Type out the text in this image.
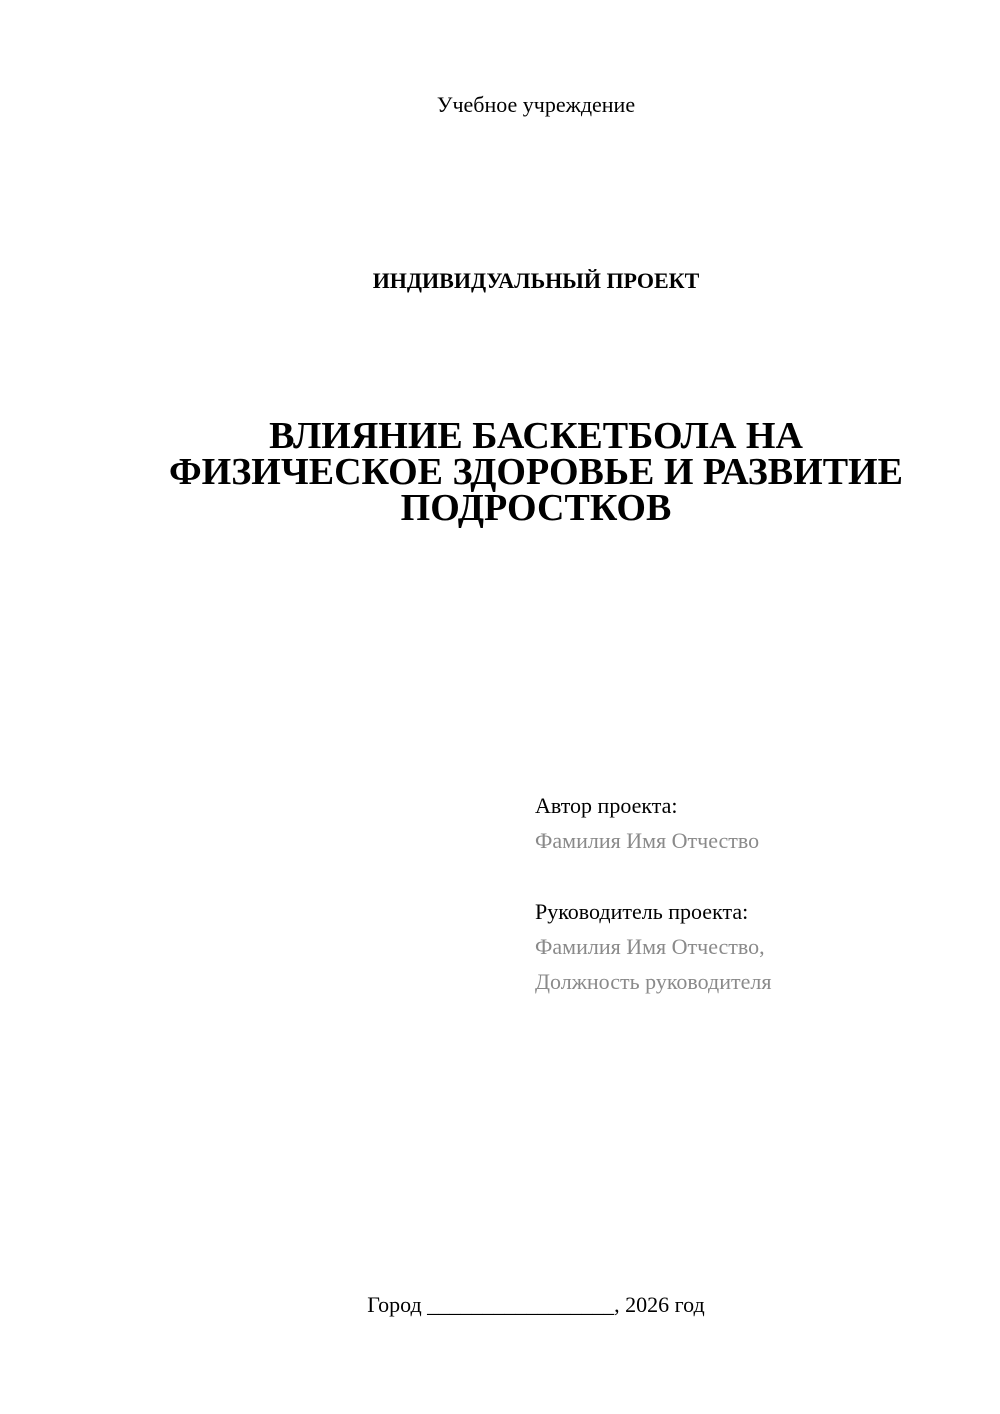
Учебное учреждение
ИНДИВИДУАЛЬНЫЙ ПРОЕКТ
ВЛИЯНИЕ БАСКЕТБОЛА НА
ФИЗИЧЕСКОЕ ЗДОРОВЬЕ И РАЗВИТИЕ
ПОДРОСТКОВ
Автор проекта:
Фамилия Имя Отчество
Руководитель проекта:
Фамилия Имя Отчество,
Должность руководителя
Город _________________, 2026 год
